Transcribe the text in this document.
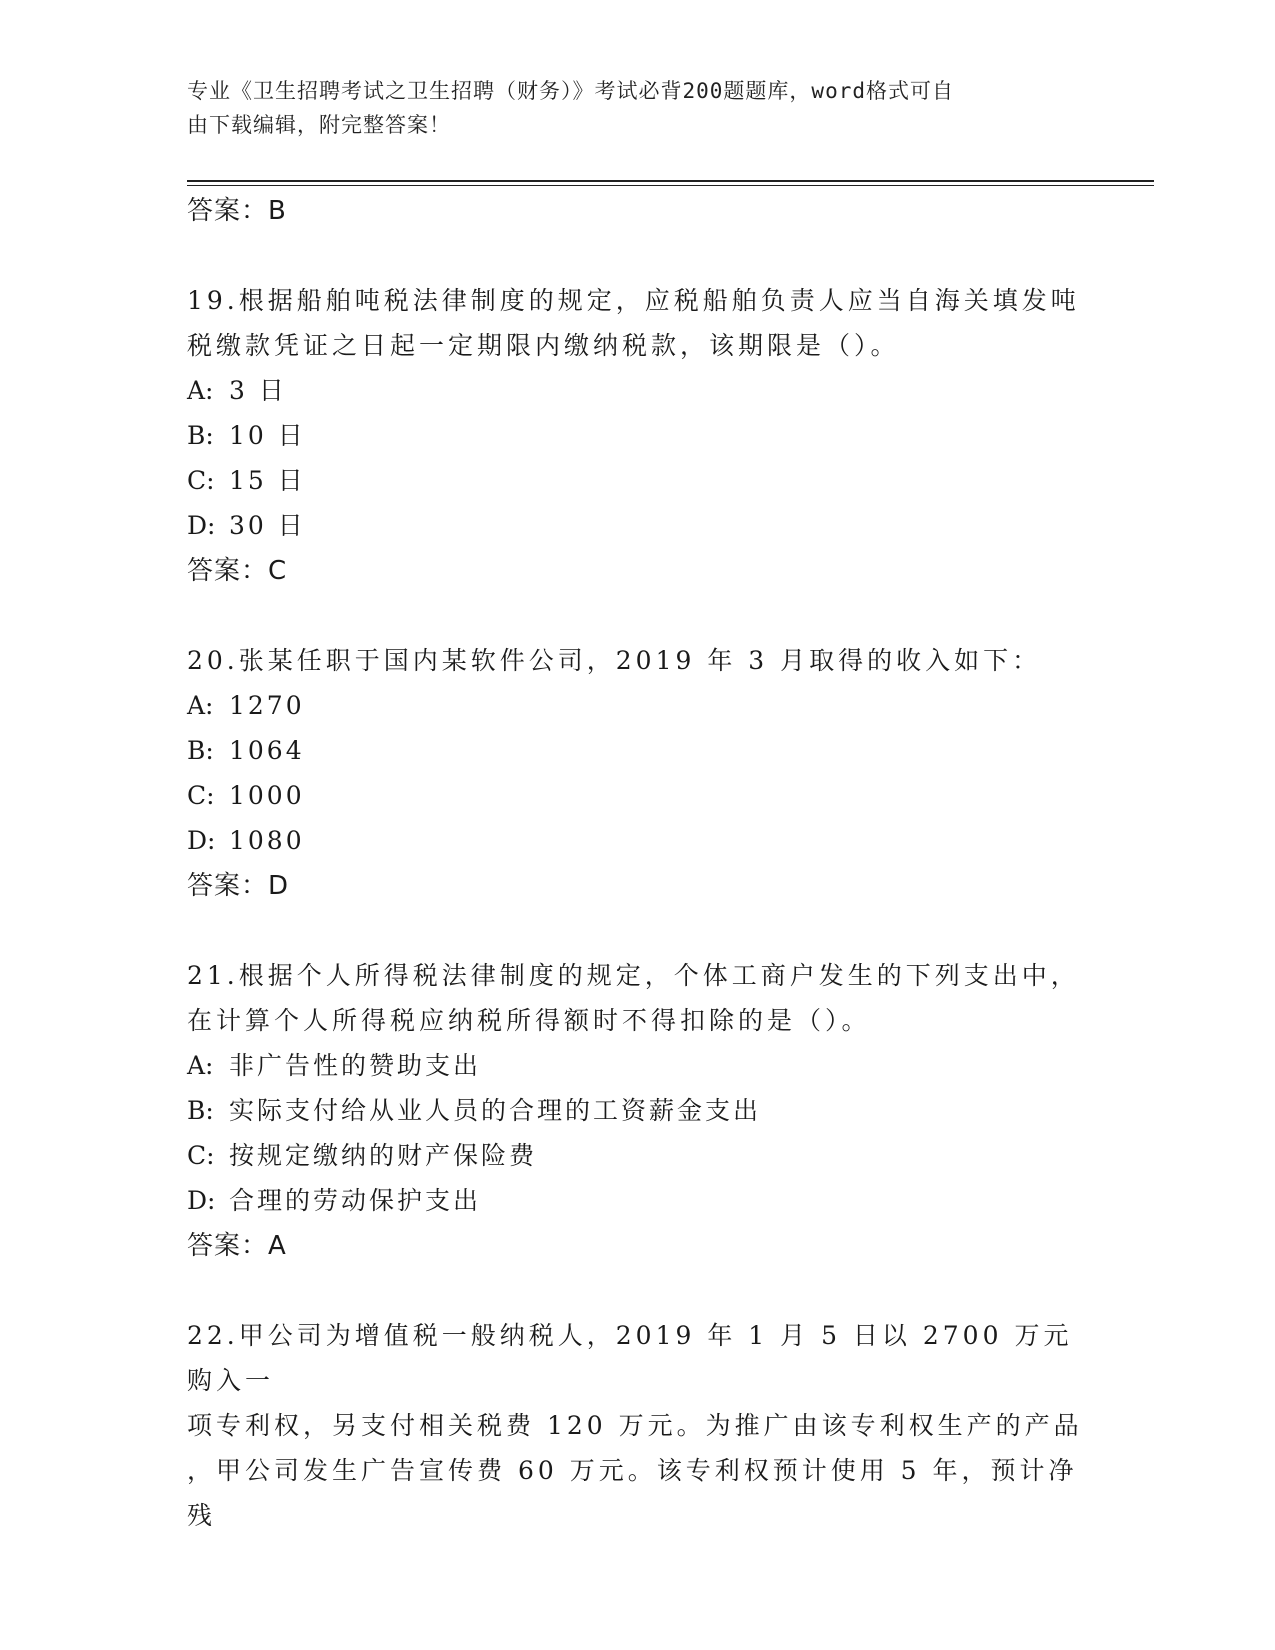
专业《卫生招聘考试之卫生招聘（财务）》考试必背200题题库，word格式可自
由下载编辑，附完整答案！
答案：B
19.根据船舶吨税法律制度的规定，应税船舶负责人应当自海关填发吨
税缴款凭证之日起一定期限内缴纳税款，该期限是（）。
A: 3 日
B: 10 日
C: 15 日
D: 30 日
答案：C
20.张某任职于国内某软件公司，2019 年 3 月取得的收入如下：
A: 1270
B: 1064
C: 1000
D: 1080
答案：D
21.根据个人所得税法律制度的规定，个体工商户发生的下列支出中，
在计算个人所得税应纳税所得额时不得扣除的是（）。
A: 非广告性的赞助支出
B: 实际支付给从业人员的合理的工资薪金支出
C: 按规定缴纳的财产保险费
D: 合理的劳动保护支出
答案：A
22.甲公司为增值税一般纳税人，2019 年 1 月 5 日以 2700 万元购入一
项专利权，另支付相关税费 120 万元。为推广由该专利权生产的产品
，甲公司发生广告宣传费 60 万元。该专利权预计使用 5 年，预计净残
